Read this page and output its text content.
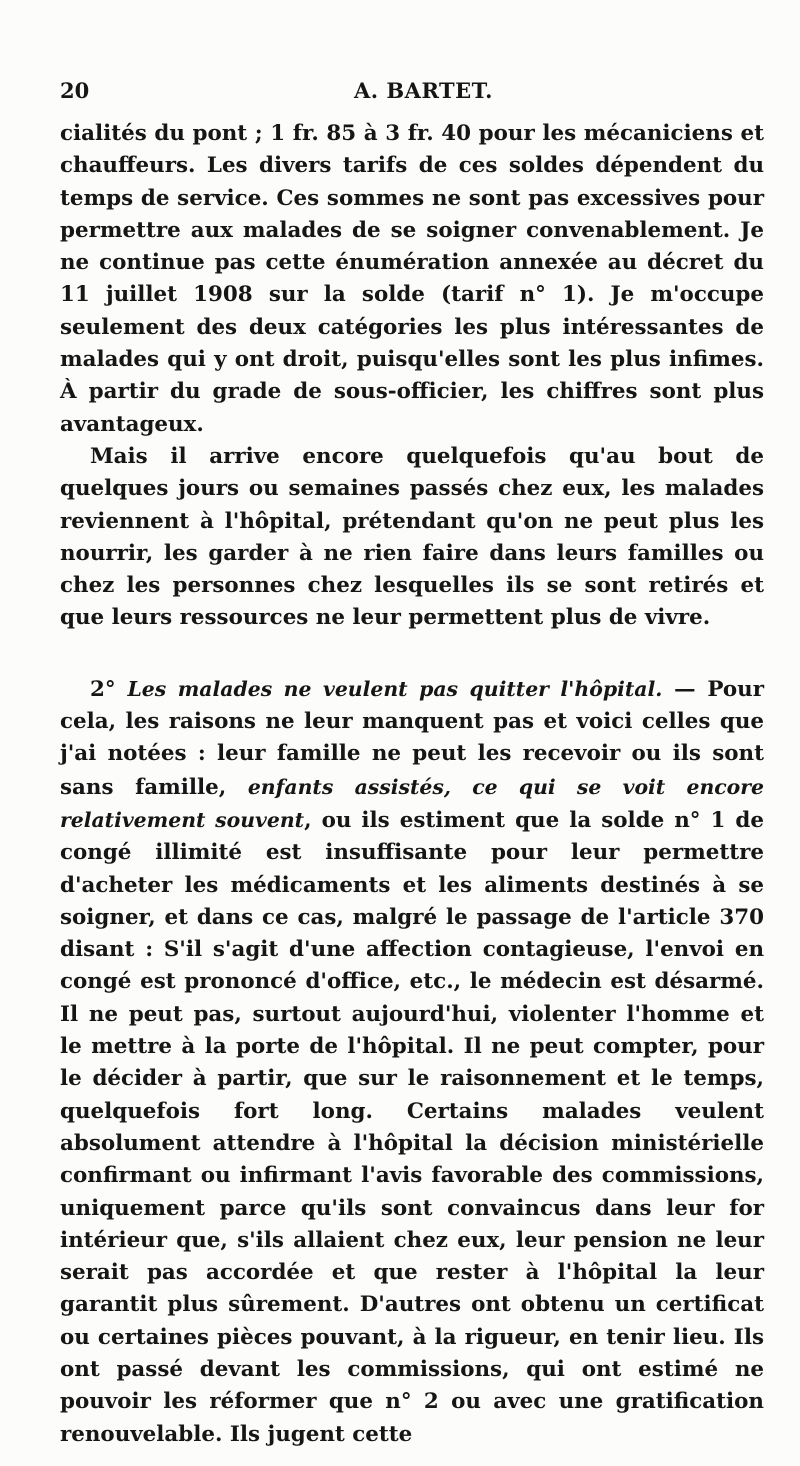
20	A. BARTET.

cialités du pont ; 1 fr. 85 à 3 fr. 40 pour les mécaniciens et chauffeurs. Les divers tarifs de ces soldes dépendent du temps de service. Ces sommes ne sont pas excessives pour permettre aux malades de se soigner convenablement. Je ne continue pas cette énumération annexée au décret du 11 juillet 1908 sur la solde (tarif n° 1). Je m'occupe seulement des deux catégories les plus intéressantes de malades qui y ont droit, puisqu'elles sont les plus infimes. À partir du grade de sous-officier, les chiffres sont plus avantageux.

Mais il arrive encore quelquefois qu'au bout de quelques jours ou semaines passés chez eux, les malades reviennent à l'hôpital, prétendant qu'on ne peut plus les nourrir, les garder à ne rien faire dans leurs familles ou chez les personnes chez lesquelles ils se sont retirés et que leurs ressources ne leur permettent plus de vivre.

2° Les malades ne veulent pas quitter l'hôpital. — Pour cela, les raisons ne leur manquent pas et voici celles que j'ai notées : leur famille ne peut les recevoir ou ils sont sans famille, enfants assistés, ce qui se voit encore relativement souvent, ou ils estiment que la solde n° 1 de congé illimité est insuffisante pour leur permettre d'acheter les médicaments et les aliments destinés à se soigner, et dans ce cas, malgré le passage de l'article 370 disant : S'il s'agit d'une affection contagieuse, l'envoi en congé est prononcé d'office, etc., le médecin est désarmé. Il ne peut pas, surtout aujourd'hui, violenter l'homme et le mettre à la porte de l'hôpital. Il ne peut compter, pour le décider à partir, que sur le raisonnement et le temps, quelquefois fort long. Certains malades veulent absolument attendre à l'hôpital la décision ministérielle confirmant ou infirmant l'avis favorable des commissions, uniquement parce qu'ils sont convaincus dans leur for intérieur que, s'ils allaient chez eux, leur pension ne leur serait pas accordée et que rester à l'hôpital la leur garantit plus sûrement. D'autres ont obtenu un certificat ou certaines pièces pouvant, à la rigueur, en tenir lieu. Ils ont passé devant les commissions, qui ont estimé ne pouvoir les réformer que n° 2 ou avec une gratification renouvelable. Ils jugent cette
